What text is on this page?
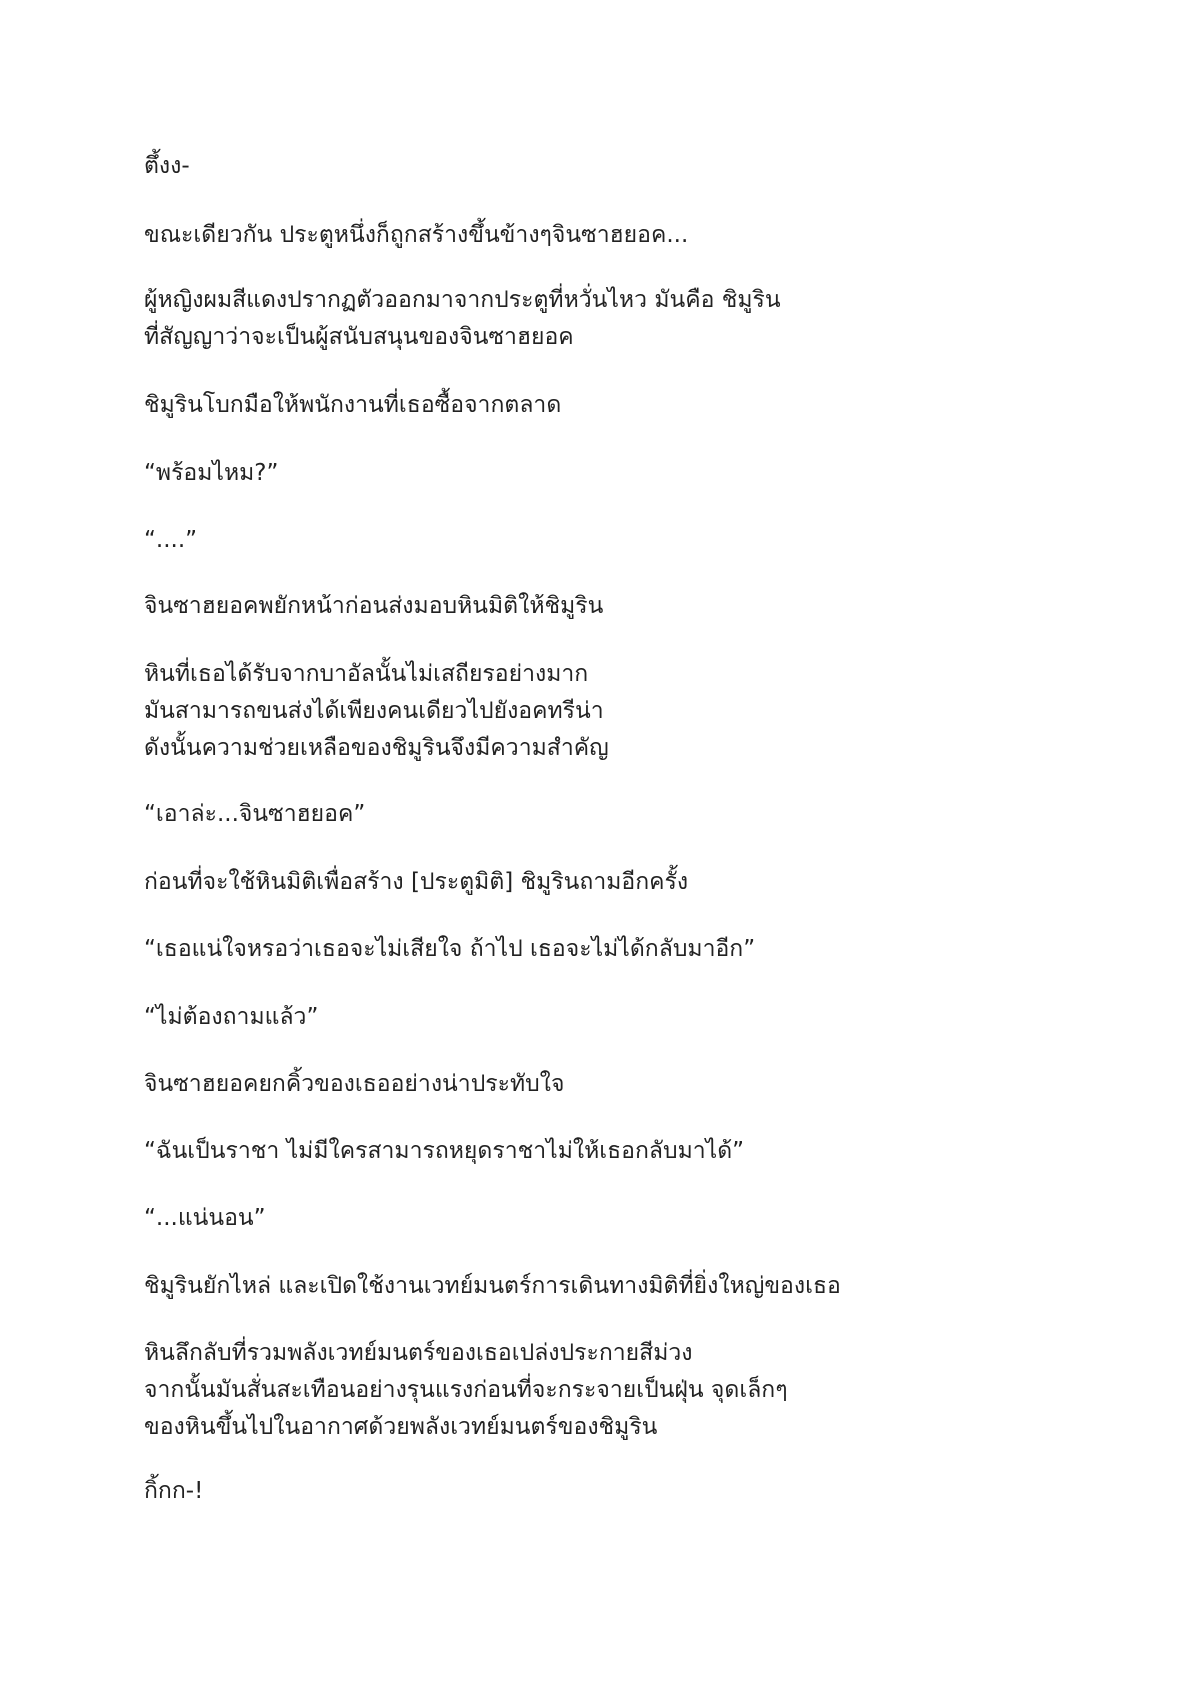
ตึ้งง-

ขณะเดียวกัน ประตูหนึ่งก็ถูกสร้างขึ้นข้างๆจินซาฮยอค...

ผู้หญิงผมสีแดงปรากฏตัวออกมาจากประตูที่หวั่นไหว มันคือ ชิมูริน
ที่สัญญาว่าจะเป็นผู้สนับสนุนของจินซาฮยอค

ชิมูรินโบกมือให้พนักงานที่เธอซื้อจากตลาด

“พร้อมไหม?”

“....”

จินซาฮยอคพยักหน้าก่อนส่งมอบหินมิติให้ชิมูริน

หินที่เธอได้รับจากบาอัลนั้นไม่เสถียรอย่างมาก
มันสามารถขนส่งได้เพียงคนเดียวไปยังอคทรีน่า
ดังนั้นความช่วยเหลือของชิมูรินจึงมีความสำคัญ

“เอาล่ะ...จินซาฮยอค”

ก่อนที่จะใช้หินมิติเพื่อสร้าง [ประตูมิติ] ชิมูรินถามอีกครั้ง

“เธอแน่ใจหรอว่าเธอจะไม่เสียใจ ถ้าไป เธอจะไม่ได้กลับมาอีก”

“ไม่ต้องถามแล้ว”

จินซาฮยอคยกคิ้วของเธออย่างน่าประทับใจ

“ฉันเป็นราชา ไม่มีใครสามารถหยุดราชาไม่ให้เธอกลับมาได้”

“...แน่นอน”

ชิมูรินยักไหล่ และเปิดใช้งานเวทย์มนตร์การเดินทางมิติที่ยิ่งใหญ่ของเธอ

หินลึกลับที่รวมพลังเวทย์มนตร์ของเธอเปล่งประกายสีม่วง
จากนั้นมันสั่นสะเทือนอย่างรุนแรงก่อนที่จะกระจายเป็นฝุ่น จุดเล็กๆ
ของหินขึ้นไปในอากาศด้วยพลังเวทย์มนตร์ของชิมูริน

กิ้กก-!
